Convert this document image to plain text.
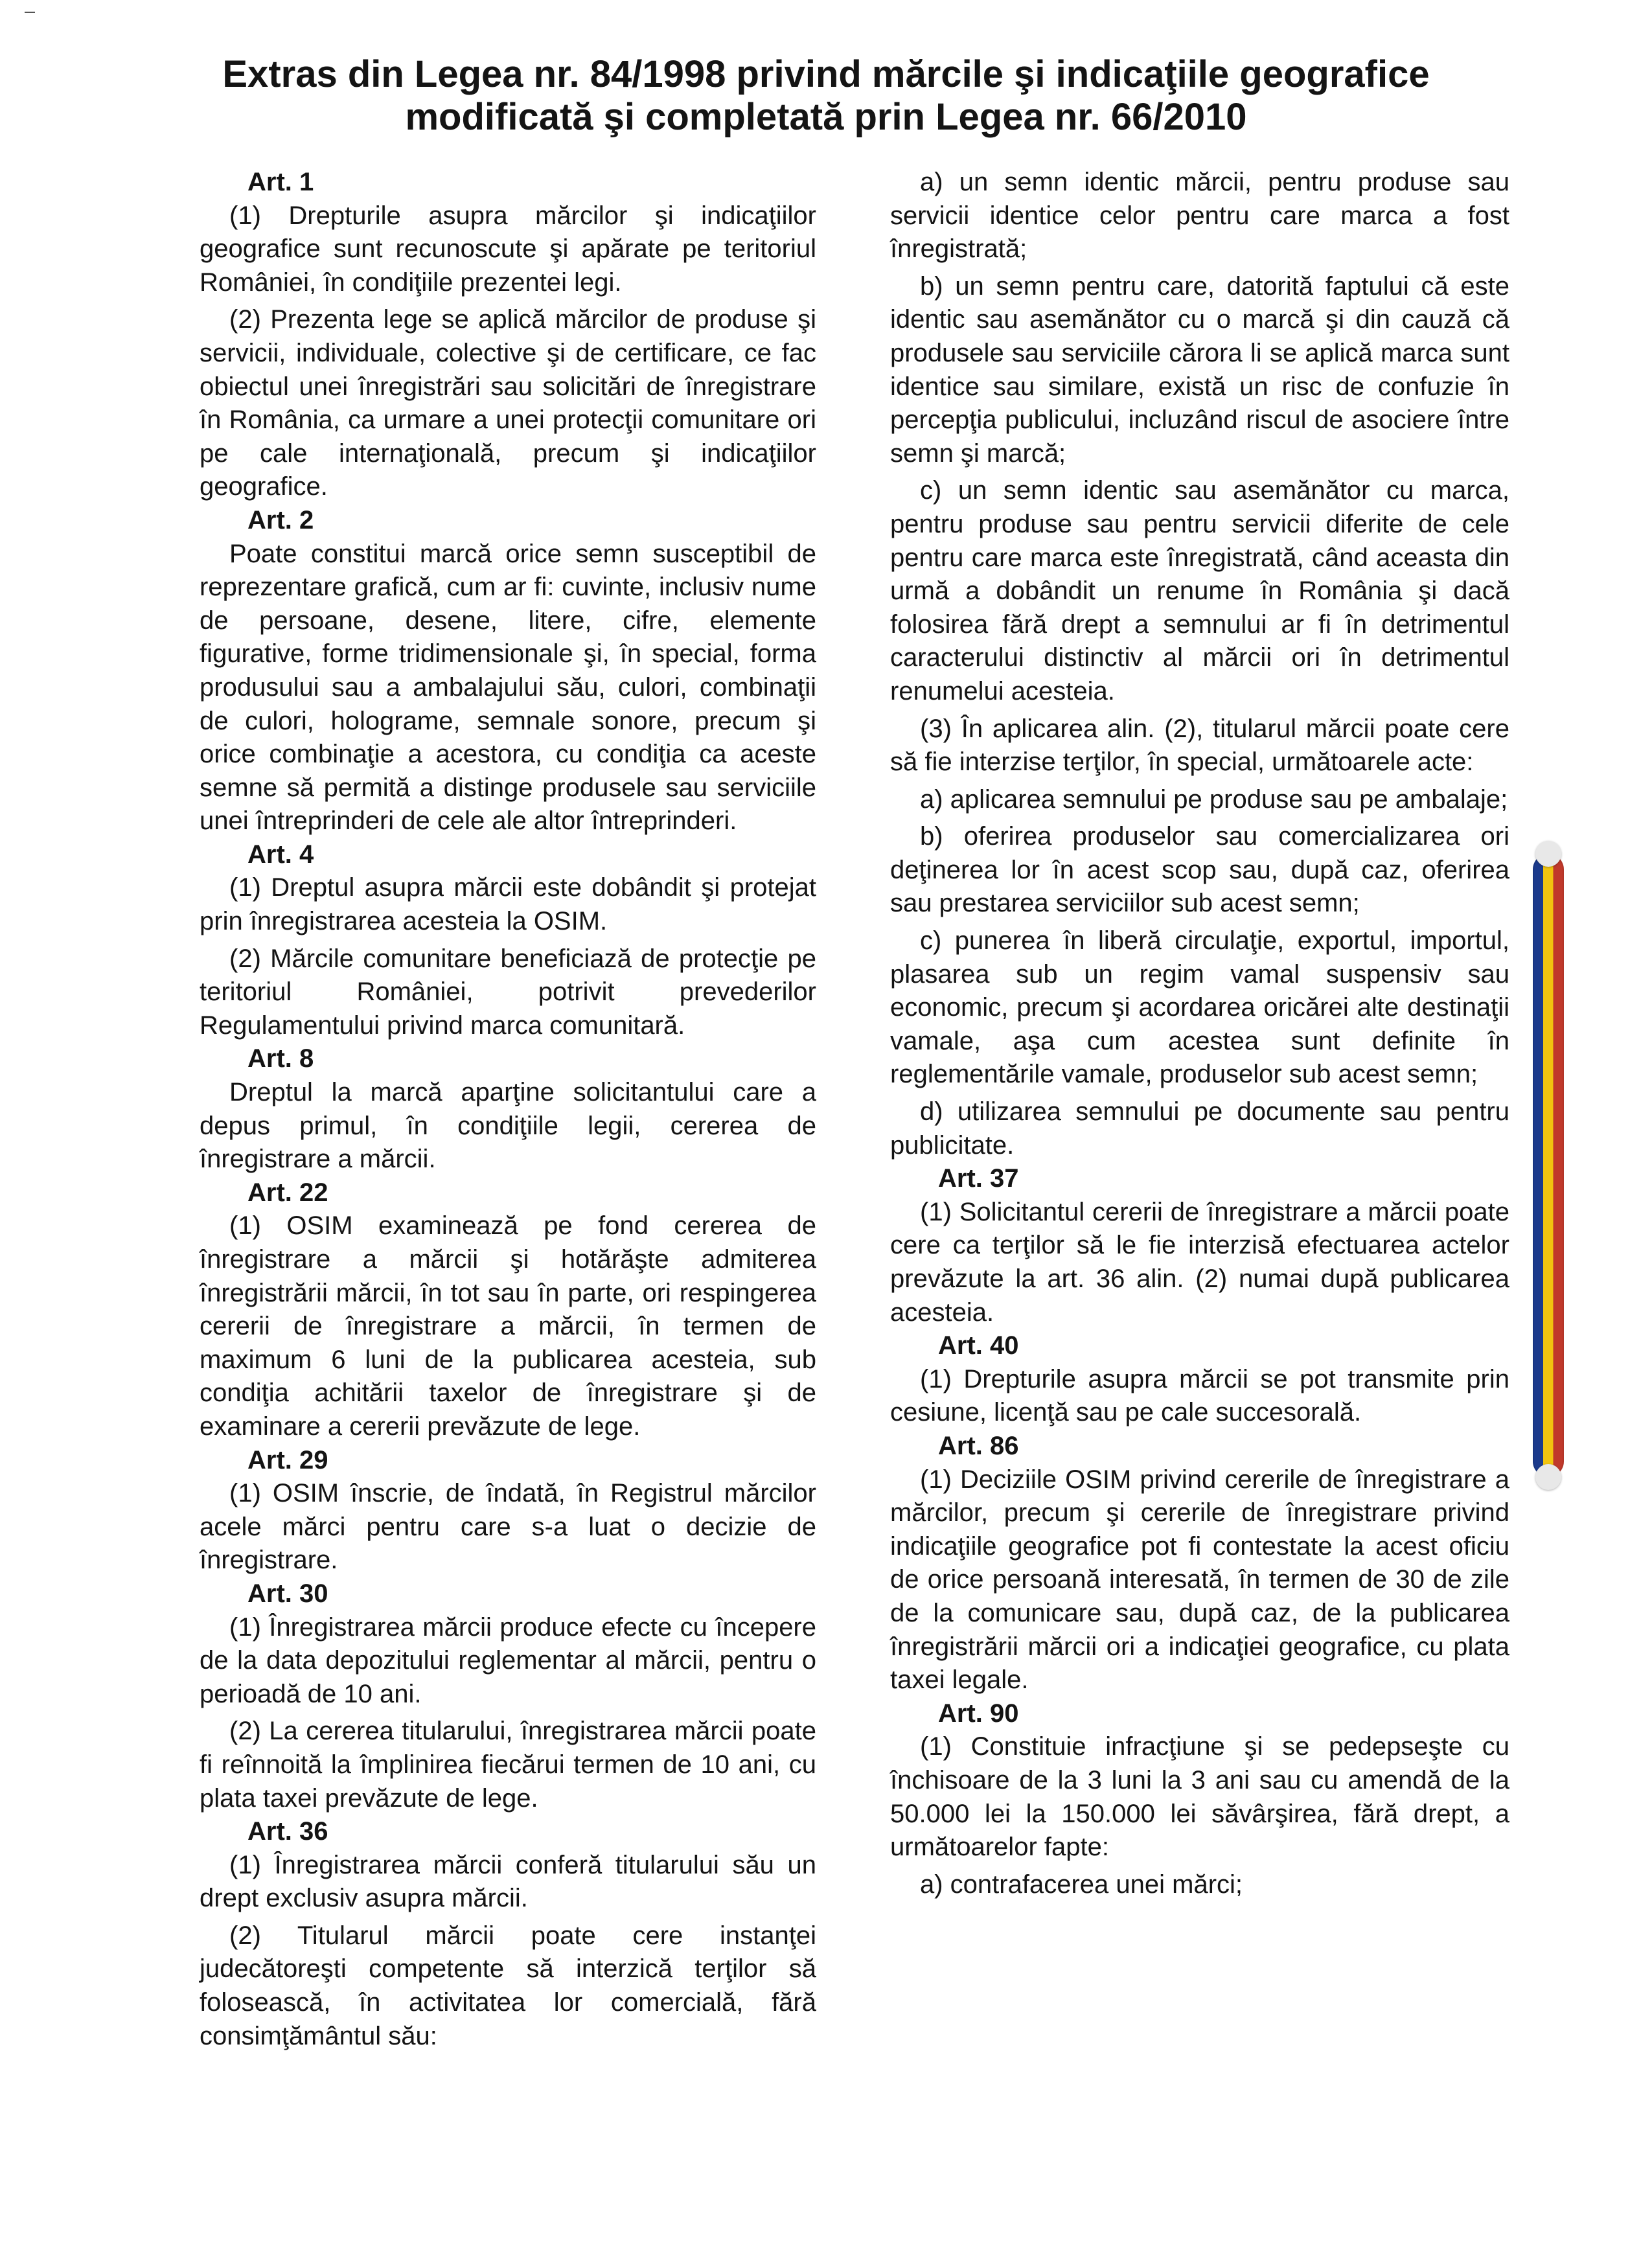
Extras din Legea nr. 84/1998 privind mărcile şi indicaţiile geografice
modificată şi completată prin Legea nr. 66/2010
Art. 1
(1) Drepturile asupra mărcilor şi indicaţiilor geografice sunt recunoscute şi apărate pe teritoriul României, în condiţiile prezentei legi.
(2) Prezenta lege se aplică mărcilor de produse şi servicii, individuale, colective şi de certificare, ce fac obiectul unei înregistrări sau solicitări de înregistrare în România, ca urmare a unei protecţii comunitare ori pe cale internaţională, precum şi indicaţiilor geografice.
Art. 2
Poate constitui marcă orice semn susceptibil de reprezentare grafică, cum ar fi: cuvinte, inclusiv nume de persoane, desene, litere, cifre, elemente figurative, forme tridimensionale şi, în special, forma produsului sau a ambalajului său, culori, combinaţii de culori, holograme, semnale sonore, precum şi orice combinaţie a acestora, cu condiţia ca aceste semne să permită a distinge produsele sau serviciile unei întreprinderi de cele ale altor întreprinderi.
Art. 4
(1) Dreptul asupra mărcii este dobândit şi protejat prin înregistrarea acesteia la OSIM.
(2) Mărcile comunitare beneficiază de protecţie pe teritoriul României, potrivit prevederilor Regulamentului privind marca comunitară.
Art. 8
Dreptul la marcă aparţine solicitantului care a depus primul, în condiţiile legii, cererea de înregistrare a mărcii.
Art. 22
(1) OSIM examinează pe fond cererea de înregistrare a mărcii şi hotărăşte admiterea înregistrării mărcii, în tot sau în parte, ori respingerea cererii de înregistrare a mărcii, în termen de maximum 6 luni de la publicarea acesteia, sub condiţia achitării taxelor de înregistrare şi de examinare a cererii prevăzute de lege.
Art. 29
(1) OSIM înscrie, de îndată, în Registrul mărcilor acele mărci pentru care s-a luat o decizie de înregistrare.
Art. 30
(1) Înregistrarea mărcii produce efecte cu începere de la data depozitului reglementar al mărcii, pentru o perioadă de 10 ani.
(2) La cererea titularului, înregistrarea mărcii poate fi reînnoită la împlinirea fiecărui termen de 10 ani, cu plata taxei prevăzute de lege.
Art. 36
(1) Înregistrarea mărcii conferă titularului său un drept exclusiv asupra mărcii.
(2) Titularul mărcii poate cere instanţei judecătoreşti competente să interzică terţilor să folosească, în activitatea lor comercială, fără consimţământul său:
a) un semn identic mărcii, pentru produse sau servicii identice celor pentru care marca a fost înregistrată;
b) un semn pentru care, datorită faptului că este identic sau asemănător cu o marcă şi din cauză că produsele sau serviciile cărora li se aplică marca sunt identice sau similare, există un risc de confuzie în percepţia publicului, incluzând riscul de asociere între semn şi marcă;
c) un semn identic sau asemănător cu marca, pentru produse sau pentru servicii diferite de cele pentru care marca este înregistrată, când aceasta din urmă a dobândit un renume în România şi dacă folosirea fără drept a semnului ar fi în detrimentul caracterului distinctiv al mărcii ori în detrimentul renumelui acesteia.
(3) În aplicarea alin. (2), titularul mărcii poate cere să fie interzise terţilor, în special, următoarele acte:
a) aplicarea semnului pe produse sau pe ambalaje;
b) oferirea produselor sau comercializarea ori deţinerea lor în acest scop sau, după caz, oferirea sau prestarea serviciilor sub acest semn;
c) punerea în liberă circulaţie, exportul, importul, plasarea sub un regim vamal suspensiv sau economic, precum şi acordarea oricărei alte destinaţii vamale, aşa cum acestea sunt definite în reglementările vamale, produselor sub acest semn;
d) utilizarea semnului pe documente sau pentru publicitate.
Art. 37
(1) Solicitantul cererii de înregistrare a mărcii poate cere ca terţilor să le fie interzisă efectuarea actelor prevăzute la art. 36 alin. (2) numai după publicarea acesteia.
Art. 40
(1) Drepturile asupra mărcii se pot transmite prin cesiune, licenţă sau pe cale succesorală.
Art. 86
(1) Deciziile OSIM privind cererile de înregistrare a mărcilor, precum şi cererile de înregistrare privind indicaţiile geografice pot fi contestate la acest oficiu de orice persoană interesată, în termen de 30 de zile de la comunicare sau, după caz, de la publicarea înregistrării mărcii ori a indicaţiei geografice, cu plata taxei legale.
Art. 90
(1) Constituie infracţiune şi se pedepseşte cu închisoare de la 3 luni la 3 ani sau cu amendă de la 50.000 lei la 150.000 lei săvârşirea, fără drept, a următoarelor fapte:
a) contrafacerea unei mărci;
